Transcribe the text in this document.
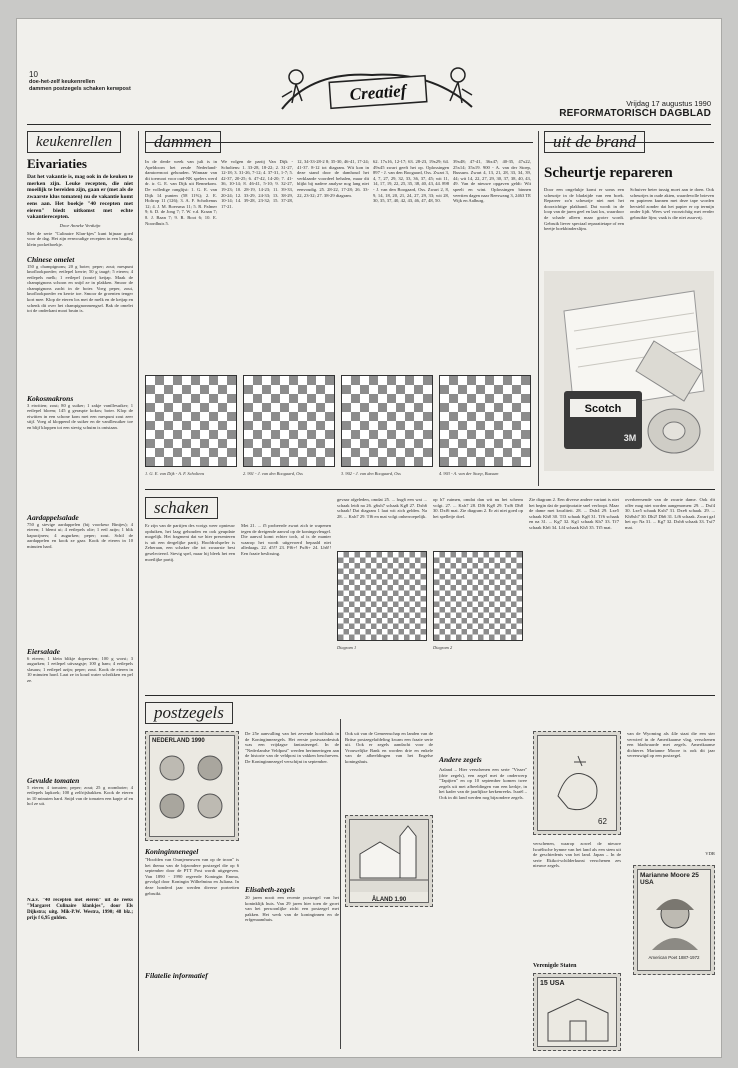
10
doe-het-zelf keukenrellen
dammen postzegels schaken kerwpost	Creatief	Vrijdag 17 augustus 1990
REFORMATORISCH DAGBLAD
keukenrellen
Eivariaties
Dat het vakantie is, mag ook in de keuken te merken zijn. Leuke recepten, die niet moeilijk te bereiden zijn, gaan er (met als de zwaarste klus tomaten) nu de vakantie komt eens aan. Het boekje "40 recepten met eieren" biedt uitkomst met echte vakantierecepten.
Door Anneke Verduijn
Met de serie "Culinaire Klan-kjes" kunt bijnaar goed voor de dag. Het zijn eenvoudige recepten in een handig, klein pocketboekje.
Chinese omelet
150 g champignons; 20 g boter; peper; zout; mespunt knoflookpoeder; eetlepel kerrie; 50 g taugé; 5 eieren; 4 eetlepels melk; 1 eetlepel (zoute) ketjap. Maak de champignons schoon en snijd ze in plakken. Smoor de champignons zacht in de boter. Voeg peper, zout, knoflookpoeder en kerrie toe. Smoor de groenten tenger kort mee. Klop de eieren los met de melk en de ketjap en schenk dit over het champignonmengsel. Bak de omelet tot de onderkant mooi bruin is.
Kokosmakrons
3 eiwitten; zout; 80 g suiker; 1 zakje vanillesuiker; 1 eetlepel bloem; 145 g geraspte kokos; boter. Klop de eiwitten in een schone kom met een mespunt zout zeer stijf. Voeg al kloppend de suiker en de vanillesuiker toe en blijf kloppen tot een stevig schuim is ontstaan.
Aardappelsalade
750 g stevige aardappelen (bij voorkeur Bintjes); 4 eieren; 1 blemt ui; 4 eetlepels olie; 1 eetl azijn; 1 blik kapucijners; 4 augurken; peper; zout. Schil de aardappelen en kook ze gaar. Kook de eieren in 10 minuten hard.
Eiersalade
6 eieren; 1 klein blikje doperwten; 100 g worst; 3 augurken; 1 eetlepel uitvaagsje; 100 g ham; 4 eetlepels slasaus; 1 eetlepel azijn; peper; zout. Kook de eieren in 10 minuten hard. Laat ze in koud water schrikken en pel ze.
Gevulde tomaten
5 eieren; 4 tomaten; peper; zout; 25 g roomboter; 4 eetlepels lapkoek; 100 g zelfrijsbakken. Kook de eieren in 10 minuten hard. Snijd van de tomaten een kapje af en hol ze uit.
N.a.v. "40 recepten met eieren" uit de reeks "Margaret Culinaire klankjes", door Els Dijkstra; uitg. Mik-P.W. Westra, 1990; 48 blz.; prijs f 6,95 gulden.
dammen
In de derde week van juli is in Apeldoorn het zesde Nederland-damtoernooi gehouden. Winnaar van dit toernooi voor oud-NK spelers werd dr. ir. G. E. van Dijk uit Bennekom. De volledige ranglijst: 1. G. E. van Dijk 14 punten (58 11%); 2. E. Holtrop 11 (126); 3. A. F. Scholtenus 12; 4. J. M. Boersma 11; 5. R. Palmer 9; 6. D. de Jong 7; 7. W. v.d. Kraan 7; 8. J. Baan 7; 9. R. Boot 6; 10. E. Noordhuis 5.
We volgen de partij Van Dijk - Scholtens: 1. 33-28, 18-22; 2. 31-27, 12-18; 3. 31-26, 7-12; 4. 37-31, 1-7; 5. 42-37, 20-25; 6. 47-42, 14-20; 7. 41-36, 10-14; 8. 46-41, 5-10; 9. 32-27, 19-23; 10. 28-19, 14-23; 11. 39-33, 20-24; 12. 33-29, 24-33; 13. 38-29, 10-14; 14. 39-28, 23-32; 15. 37-28, 17-21.
12, 34-33-28-2 8; 35-30, 46-41, 17-24; 41-37. 8-12 tot diagram. Wit kon in deze stand door de damhoud het verklaarde voordeel behalen, maar dit blijkt bij nadere analyse nog lang niet eenvoudig. 25. 28-22, 17-28; 26. 33-22, 23-32; 27. 38-29 diagram.
62. 17x16, 12-17; 63. 28-23, 19x29; 64. 49x45 zwart geeft het op. Oplossingen 897 - J. van den Boogaard, Oss. Zwart 3, 4, 7, 27, 29, 32, 33, 36, 37, 45; wit 11, 14, 17, 19, 22, 25, 35, 38, 40, 43, 44. 898 - J. van den Boogaard, Oss. Zwart 2, 8, 9, 14, 18, 20, 21, 24, 27, 29, 33; wit 28, 30, 35, 37, 40, 42, 43, 46, 47, 48, 50.
39x48; 47-41, 36x47; 40-35, 47x22, 25x14; 35x19. 900 - A. van der Stoep, Bussum. Zwart 4, 13, 21, 28, 33, 34, 39, 44; wit 14, 22, 27, 29, 30, 37, 38, 40, 43, 49. Van de nieuwe opgaven geldt: Wit speelt en wint. Oplossingen binnen veertien dagen naar Reeswang 3, 2463 TE Wijk en Aalburg.
1. G. E. van Dijk - A. F. Scholtens	2. 901 - J. van den Boogaard, Oss	3. 902 - J. van den Boogaard, Oss	4. 903 - A. van der Stoep, Bussum
uit de brand
Scheurtje repareren
Door een ongelukje komt er soms een scheurtje in de bladzijde van een boek. Repareer zo'n scheurtje niet met het doorzichtige plakband. Dat wordt in de loop van de jaren geel en laat los, waardoor de schade alleen maar groter wordt. Gebruik liever speciaal reparatietape of een beetje boekbinderslijm.
Schuiver beter tussig moet aan te doen. Ook scheurtjes in oude akten, waardevolle brieven en papieren kunnen met deze tape worden hersteld zonder dat het papier er op termijn onder lijdt. Wees wel voorzichtig met eerder gebruikte lijm; vaak is die niet zuurvrij.
Scotch
3M
schaken
Er zijn van de partijen des vorigs weer opnieuw opduiken, het laag gehouden en ook geupdate mogelijk. Het fragment dat we hier presenteren is uit een dergelijke partij. Hoofdrolspeler is Zeberaan, een schaker die tot zwaarste best geselecteerd. Stevig spel, maar hij bleek het een moeilijke partij.
Met 21. ... f5 probeerde zwart zich te wapenen tegen de dreigende aanval op de koningsvleugel. Die aanval komt echter toch, al is de manier waarop het wordt uitgevoerd bepaald niet alledaags. 22. d5!? 23. Pf6+! Pxf6+ 24. Lh6!! Een fraaie beslissing.
gevaar afgeleden, omdat 25. ... hxg6 een wat ... schaak leidt na 26. g6xh7 schaak Kg8 27. Dxh6 schaak! Dat diagram 1 laat wit zich gelden. Na 28. ... Kxh7 29. Tf6 en mat volgt onherroepelijk.
op h7 ruimen, omdat dan wit nu het scherm volgt. 27. ... Kxh7 28. Df6 Kg8 29. Txf6 Dh8 30. Dxf6 mat. Zie diagram 2. Er zit niet goed op het spelletje doel.
Diagram 1	Diagram 2
Zie diagram 2. Een diverse andere variant is niet het begin dat de partijnotatie snel verloopt. Maar de dame met kwaliteit. 28. ... Dxh4 29. Lxe5 schaak Kh8 30. Tf3 schaak Kg8 31. Tf6 schaak en na 31. ... Kg7 32. Kg1 schaak Kh7 33. Tf7 schaak Kh6 34. Lf4 schaak Kh5 35. Tf5 mat.
overheersende van de zwarte dame. Ook dit offer mag niet worden aangenomen: 29. ... Dxf4 30. Lxe5 schaak Kxh7 31. Dxe6 schaak. 29. ... Kh8xh7 30. Dh2! Dh6 31. Lf6 schaak. Zwart gaf het op: Na 31. ... Kg7 32. Dxh6 schaak 33. Txf7 mat.
postzegels
NEDERLAND 1990
Koninginnenegel
"Hoofden van Oranjeneuwen van op de troon" is het thema van de bijzondere postzegel die op 6 september door de PTT Post wordt uitgegeven. Van 1890 - 1990 regeerde Koningin Emma, gevolgd door Koningin Wilhelmina en Juliana. In deze honderd jaar werden diverse portretten gebruikt.
Filatelie informatief
De 25e aanvulling van het zevende hoofdstuk in de Koninginnezegels. Het eerste postwaardestuk was een vrijdagse fantasiezegel. In de "Nederlandse Veldpost" werden herinneringen aan de historie van de veldpost in vakken beschreven. De Koninginnezegel verschijnt in september.
Elisabeth-zegels
20 jaren nooit een recente postzegel van het koninklijk huis. Van 29 jaren hier toen de groet van het persoonlijke zicht een postzegel met pakken. Het werk van de koninginnen en de erfgenaamhuis.
Ook uit van de Gemeenschap en landen van de Britse postzegelafdeling kwam een fraaie serie uit. Ook er zegels aandacht voor de Vrouwelijke Bank en worden drie en enkele van de afbeeldingen van het Engelse koningshuis.
ÅLAND 1.90
Andere zegels
Aaland – Hier verschenen een serie "Visser" (drie zegels), een zegel met de onderwerp "Tapijten" en op 10 september komen twee zegels uit met afbeeldingen van een kerkje, in het kader van de jaarlijkse kerkenreeks. Israël – Ook in dit land werden nog bijzondere zegels.
62
verschenen, waarop zowel de nieuwe Israëlische hymne van het land als een stem uit de geschiedenis van het land. Japan – In de serie Ekikoi-schilderkunst verschenen zes nieuwe zegels.
Verenigde Staten
15 USA
van de Wyoming als 44e staat die een ster verwierf in de Amerikaanse vlag, verschenen een bladwaarde met zegels. Amerikaanse dichteres Marianne Moore is ook dit jaar vereeuwigd op een postzegel.
VDR
Marianne Moore 25 USA
American Poet 1887-1972
